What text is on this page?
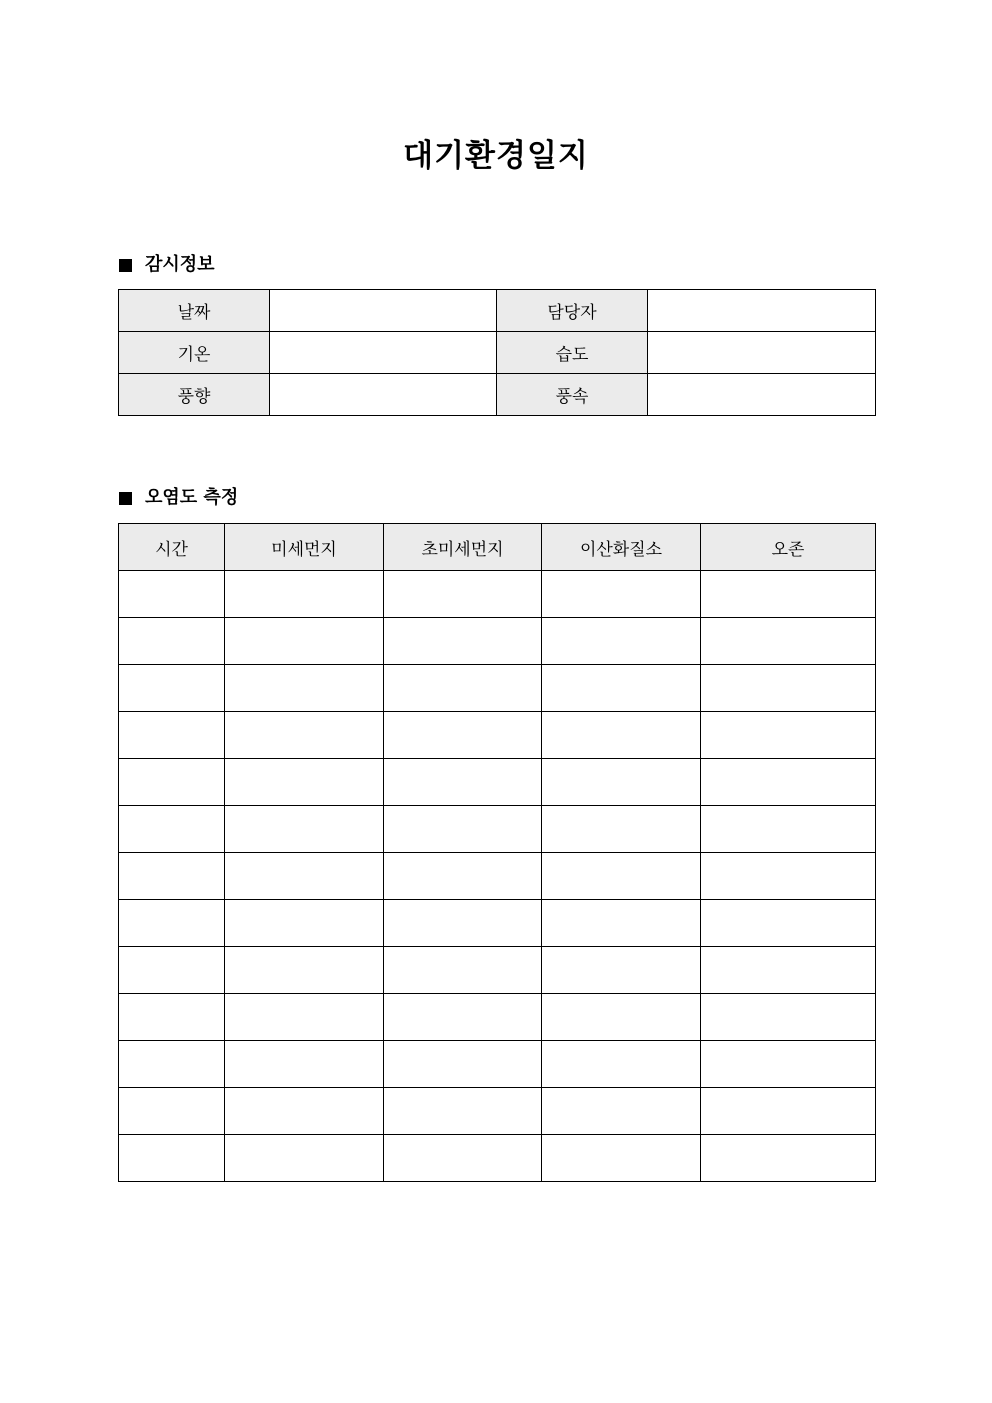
대기환경일지
감시정보
날짜		담당자	
기온		습도	
풍향		풍속	
오염도 측정
시간	미세먼지	초미세먼지	이산화질소	오존
